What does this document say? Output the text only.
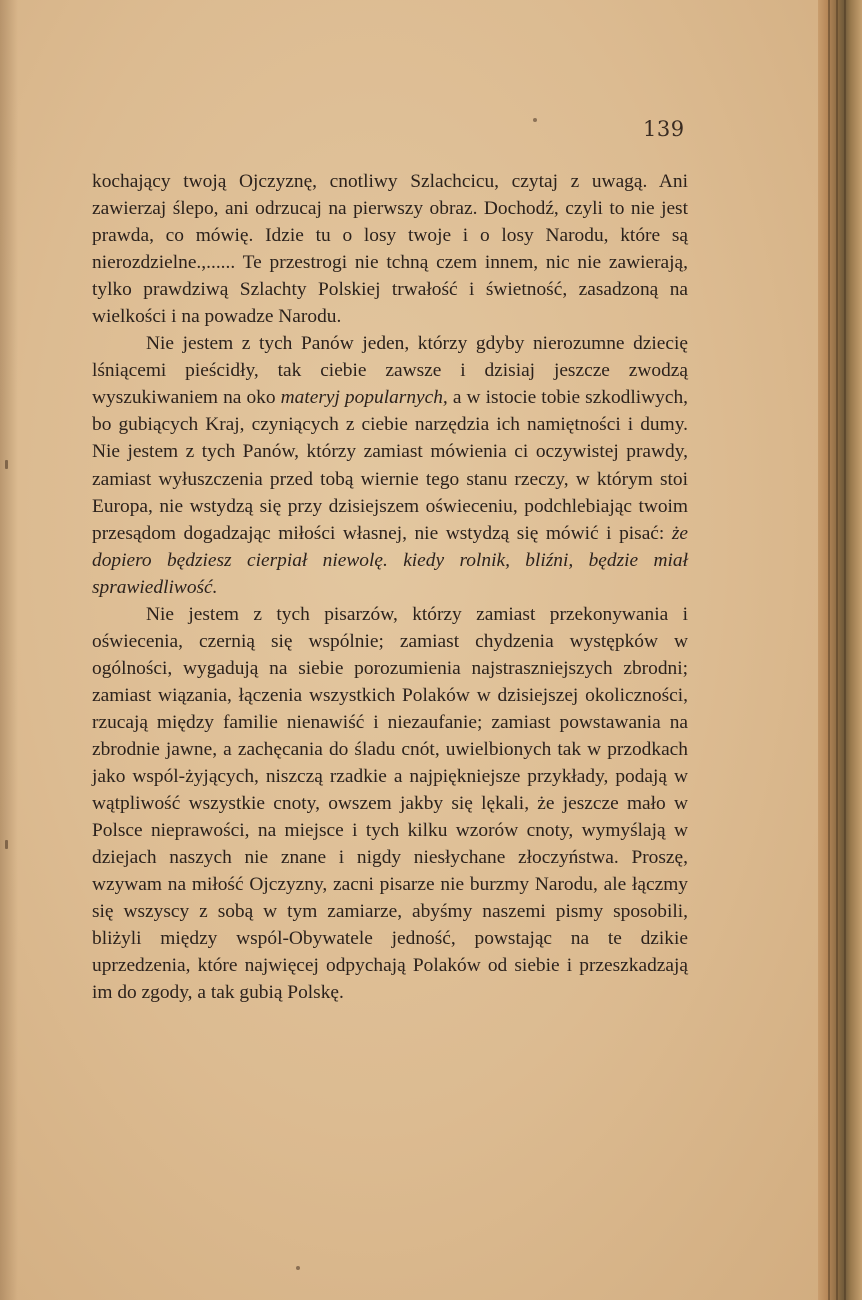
139

kochający twoją Ojczyznę, cnotliwy Szlachcicu, czytaj z uwagą. Ani zawierzaj ślepo, ani odrzucaj na pierwszy obraz. Dochodź, czyli to nie jest prawda, co mówię. Idzie tu o losy twoje i o losy Narodu, które są nierozdzielne.,...... Te przestrogi nie tchną czem innem, nic nie zawierają, tylko prawdziwą Szlachty Polskiej trwałość i świetność, zasadzoną na wielkości i na powadze Narodu.

Nie jestem z tych Panów jeden, którzy gdyby nierozumne dziecię lśniącemi pieścidły, tak ciebie zawsze i dzisiaj jeszcze zwodzą wyszukiwaniem na oko materyj popularnych, a w istocie tobie szkodliwych, bo gubiących Kraj, czyniących z ciebie narzędzia ich namiętności i dumy. Nie jestem z tych Panów, którzy zamiast mówienia ci oczywistej prawdy, zamiast wyłuszczenia przed tobą wiernie tego stanu rzeczy, w którym stoi Europa, nie wstydzą się przy dzisiejszem oświeceniu, podchlebiając twoim przesądom dogadzając miłości własnej, nie wstydzą się mówić i pisać: że dopiero będziesz cierpiał niewolę. kiedy rolnik, bliźni, będzie miał sprawiedliwość.

Nie jestem z tych pisarzów, którzy zamiast przekonywania i oświecenia, czernią się wspólnie; zamiast chydzenia występków w ogólności, wygadują na siebie porozumienia najstraszniejszych zbrodni; zamiast wiązania, łączenia wszystkich Polaków w dzisiejszej okoliczności, rzucają między familie nienawiść i niezaufanie; zamiast powstawania na zbrodnie jawne, a zachęcania do śladu cnót, uwielbionych tak w przodkach jako wspól-żyjących, niszczą rzadkie a najpiękniejsze przykłady, podają w wątpliwość wszystkie cnoty, owszem jakby się lękali, że jeszcze mało w Polsce nieprawości, na miejsce i tych kilku wzorów cnoty, wymyślają w dziejach naszych nie znane i nigdy niesłychane złoczyństwa. Proszę, wzywam na miłość Ojczyzny, zacni pisarze nie burzmy Narodu, ale łączmy się wszyscy z sobą w tym zamiarze, abyśmy naszemi pismy sposobili, bliżyli między wspól-Obywatele jedność, powstając na te dzikie uprzedzenia, które najwięcej odpychają Polaków od siebie i przeszkadzają im do zgody, a tak gubią Polskę.
